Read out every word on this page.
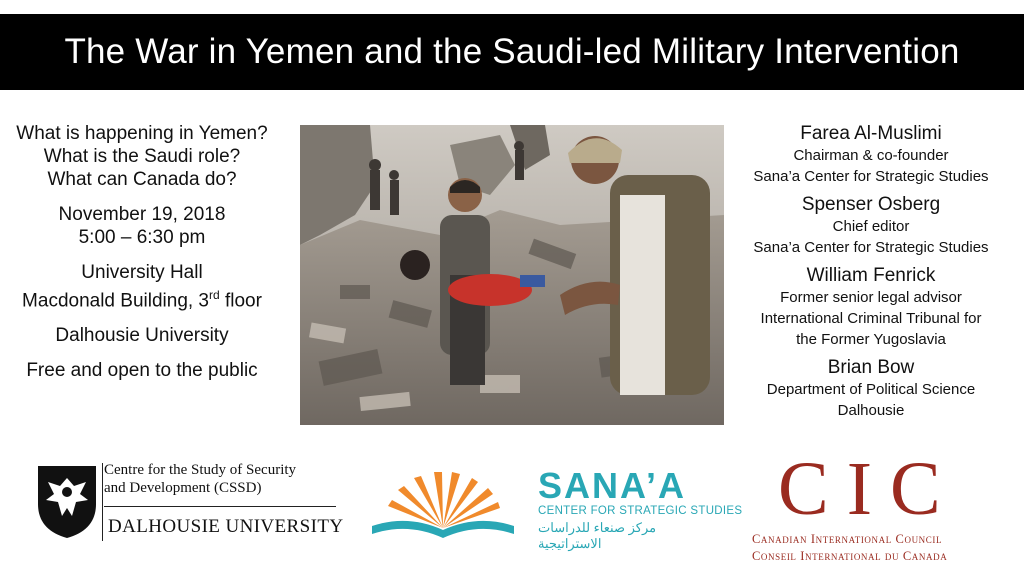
The War in Yemen and the Saudi-led Military Intervention

What is happening in Yemen?

What is the Saudi role?

What can Canada do?

November 19, 2018

5:00 – 6:30 pm

University Hall

Macdonald Building, 3rd floor

Dalhousie University

Free and open to the public

Farea Al-Muslimi
Chairman & co-founder
Sana’a Center for Strategic Studies
Spenser Osberg
Chief editor
Sana’a Center for Strategic Studies
William Fenrick
Former senior legal advisor
International Criminal Tribunal for
the Former Yugoslavia
Brian Bow
Department of Political Science
Dalhousie
Centre for the Study of Security
and Development (CSSD)
DALHOUSIE UNIVERSITY
SANA’A
CENTER FOR STRATEGIC STUDIES
مركز صنعاء للدراسات الاستراتيجية
CIC
Canadian International Council
Conseil International du Canada
